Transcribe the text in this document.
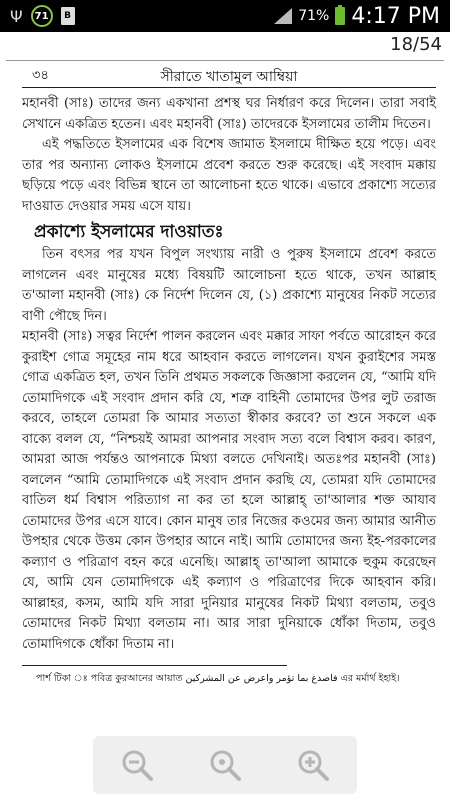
Ψ	71	B	71% 4:17 PM
18/54
৩৪	সীরাতে খাতামুল আম্বিয়া

মহানবী (সাঃ) তাদের জন্য একখানা প্রশস্থ ঘর নির্ধারণ করে দিলেন। তারা সবাই সেখানে একত্রিত হতেন। এবং মহানবী (সাঃ) তাদেরকে ইসলামের তালীম দিতেন।

এই পদ্ধতিতে ইসলামের এক বিশেষ জামাত ইসলামে দীক্ষিত হয়ে পড়ে। এবং তার পর অন্যান্য লোকও ইসলামে প্রবেশ করতে শুরু করেছে। এই সংবাদ মক্কায় ছড়িয়ে পড়ে এবং বিভিন্ন স্থানে তা আলোচনা হতে থাকে। এভাবে প্রকাশ্যে সত্যের দাওয়াত দেওয়ার সময় এসে যায়।

প্রকাশ্যে ইসলামের দাওয়াতঃ

তিন বৎসর পর যখন বিপুল সংখ্যায় নারী ও পুরুষ ইসলামে প্রবেশ করতে লাগলেন এবং মানুষের মধ্যে বিষয়টি আলোচনা হতে থাকে, তখন আল্লাহ ত'আলা মহানবী (সাঃ) কে নির্দেশ দিলেন যে, (১) প্রকাশ্যে মানুষের নিকট সত্যের বাণী পৌছে দিন।

মহানবী (সাঃ) সত্বর নির্দেশ পালন করলেন এবং মক্কার সাফা পর্বতে আরোহন করে কুরাইশ গোত্র সমূহের নাম ধরে আহবান করতে লাগলেন। যখন কুরাইশের সমস্ত গোত্র একত্রিত হল, তখন তিনি প্রথমত সকলকে জিজ্ঞাসা করলেন যে, “আমি যদি তোমাদিগকে এই সংবাদ প্রদান করি যে, শত্রু বাহিনী তোমাদের উপর লুট তরাজ করবে, তাহলে তোমরা কি আমার সত্যতা স্বীকার করবে? তা শুনে সকলে এক বাক্যে বলল যে, “নিশ্চয়ই আমরা আপনার সংবাদ সত্য বলে বিশ্বাস করব। কারণ, আমরা আজ পর্যন্তও আপনাকে মিথ্যা বলতে দেখিনাই। অতঃপর মহানবী (সাঃ) বললেন “আমি তোমাদিগকে এই সংবাদ প্রদান করছি যে, তোমরা যদি তোমাদের বাতিল ধর্ম বিশ্বাস পরিত্যাগ না কর তা হলে আল্লাহ্ তা'আলার শক্ত আযাব তোমাদের উপর এসে যাবে। কোন মানুষ তার নিজের কওমের জন্য আমার আনীত উপহার থেকে উত্তম কোন উপহার আনে নাই। আমি তোমাদের জন্য ইহ-পরকালের কল্যাণ ও পরিত্রাণ বহন করে এনেছি। আল্লাহ্ তা'আলা আমাকে হুকুম করেছেন যে, আমি যেন তোমাদিগকে এই কল্যাণ ও পরিত্রাণের দিকে আহবান করি। আল্লাহর, কসম, আমি যদি সারা দুনিয়ার মানুষের নিকট মিথ্যা বলতাম, তবুও তোমাদের নিকট মিথ্যা বলতাম না। আর সারা দুনিয়াকে ধোঁকা দিতাম, তবুও তোমাদিগকে ধোঁকা দিতাম না।

পার্শ টিকা ঃ পবিত্র কুরআনের আয়াত فاصدع بما تؤمر واعرض عن المشركين এর মর্মার্থ ইহাই।
